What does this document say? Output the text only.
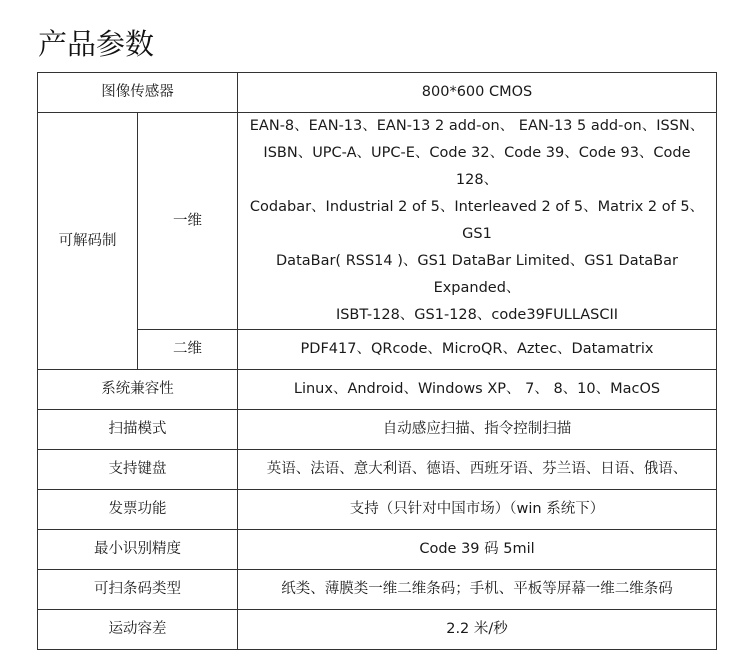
产品参数
图像传感器		800*600 CMOS
可解码制	一维	EAN-8、EAN-13、EAN-13 2 add-on、 EAN-13 5 add-on、ISSN、
ISBN、UPC-A、UPC-E、Code 32、Code 39、Code 93、Code 128、
Codabar、Industrial 2 of 5、Interleaved 2 of 5、Matrix 2 of 5、 GS1
DataBar( RSS14 )、GS1 DataBar Limited、GS1 DataBar Expanded、
ISBT-128、GS1-128、code39FULLASCII

	二维	PDF417、QRcode、MicroQR、Aztec、Datamatrix
系统兼容性		Linux、Android、Windows XP、 7、 8、10、MacOS
扫描模式		自动感应扫描、指令控制扫描
支持键盘		英语、法语、意大利语、德语、西班牙语、芬兰语、日语、俄语、
发票功能		支持（只针对中国市场）（win 系统下）
最小识别精度		Code 39 码 5mil
可扫条码类型		纸类、薄膜类一维二维条码；手机、平板等屏幕一维二维条码
运动容差		2.2 米/秒
